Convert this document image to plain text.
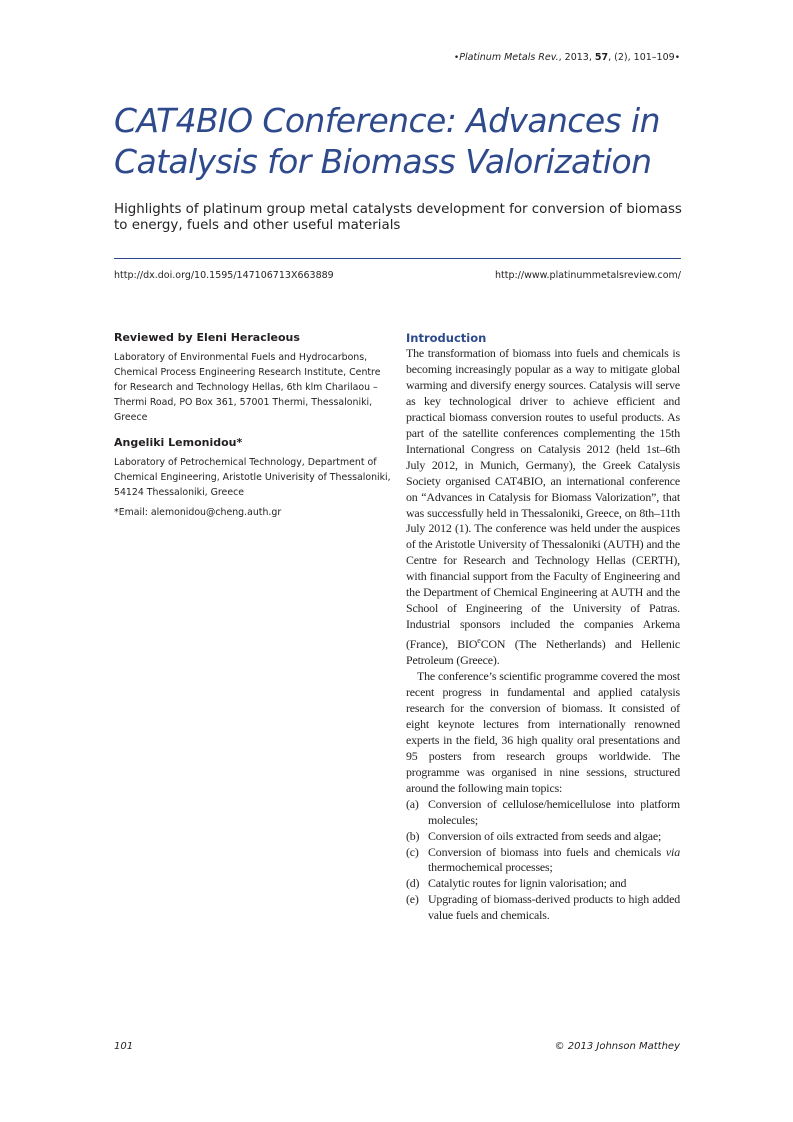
•Platinum Metals Rev., 2013, 57, (2), 101–109•
CAT4BIO Conference: Advances in Catalysis for Biomass Valorization

Highlights of platinum group metal catalysts development for conversion of biomass to energy, fuels and other useful materials

http://dx.doi.org/10.1595/147106713X663889	http://www.platinummetalsreview.com/
Reviewed by Eleni Heracleous
Laboratory of Environmental Fuels and Hydrocarbons, Chemical Process Engineering Research Institute, Centre for Research and Technology Hellas, 6th klm Charilaou – Thermi Road, PO Box 361, 57001 Thermi, Thessaloniki, Greece
Angeliki Lemonidou*
Laboratory of Petrochemical Technology, Department of Chemical Engineering, Aristotle Univerisity of Thessaloniki, 54124 Thessaloniki, Greece
*Email: alemonidou@cheng.auth.gr
Introduction

The transformation of biomass into fuels and chemicals is becoming increasingly popular as a way to mitigate global warming and diversify energy sources. Catalysis will serve as key technological driver to achieve efficient and practical biomass conversion routes to useful products. As part of the satellite conferences complementing the 15th International Congress on Catalysis 2012 (held 1st–6th July 2012, in Munich, Germany), the Greek Catalysis Society organised CAT4BIO, an international conference on “Advances in Catalysis for Biomass Valorization”, that was successfully held in Thessaloniki, Greece, on 8th–11th July 2012 (1). The conference was held under the auspices of the Aristotle University of Thessaloniki (AUTH) and the Centre for Research and Technology Hellas (CERTH), with financial support from the Faculty of Engineering and the Department of Chemical Engineering at AUTH and the School of Engineering of the University of Patras. Industrial sponsors included the companies Arkema (France), BIO$^e$CON (The Netherlands) and Hellenic Petroleum (Greece).

The conference’s scientific programme covered the most recent progress in fundamental and applied catalysis research for the conversion of biomass. It consisted of eight keynote lectures from internationally renowned experts in the field, 36 high quality oral presentations and 95 posters from research groups worldwide. The programme was organised in nine sessions, structured around the following main topics:

(a) Conversion of cellulose/hemicellulose into platform molecules;
(b) Conversion of oils extracted from seeds and algae;
(c) Conversion of biomass into fuels and chemicals via thermochemical processes;
(d) Catalytic routes for lignin valorisation; and
(e) Upgrading of biomass-derived products to high added value fuels and chemicals.
101	© 2013 Johnson Matthey
